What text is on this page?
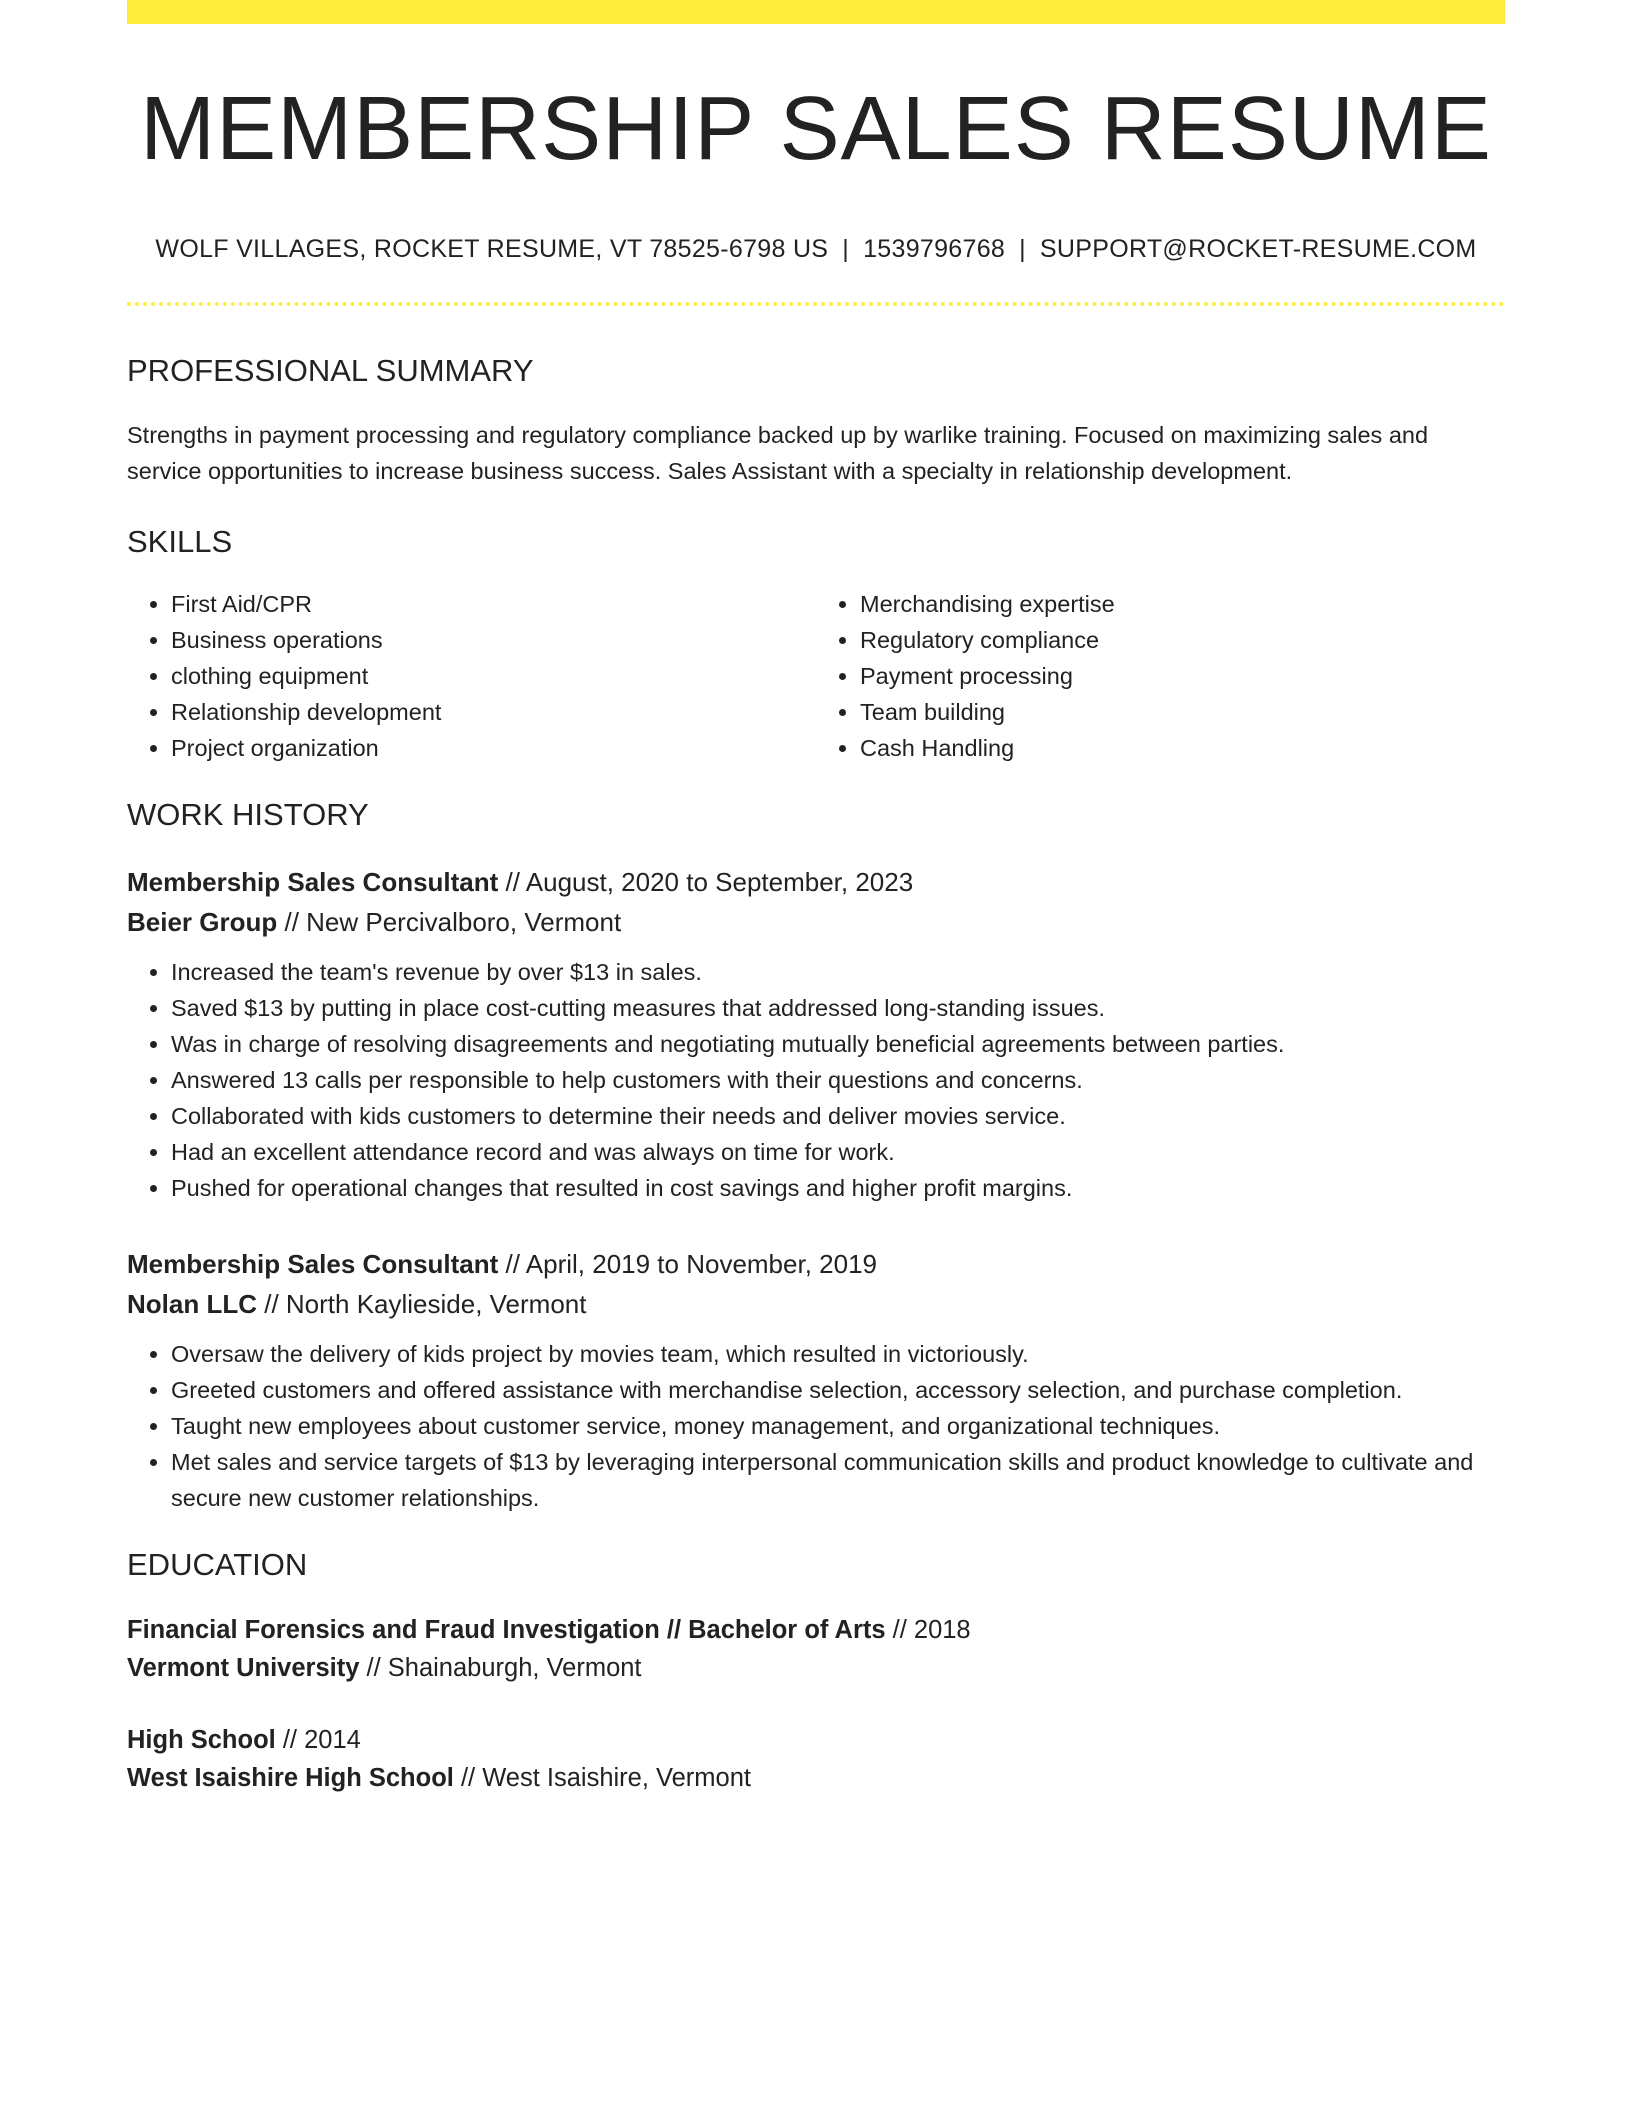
MEMBERSHIP SALES RESUME
WOLF VILLAGES, ROCKET RESUME, VT 78525-6798 US | 1539796768 | SUPPORT@ROCKET-RESUME.COM
PROFESSIONAL SUMMARY

Strengths in payment processing and regulatory compliance backed up by warlike training. Focused on maximizing sales and service opportunities to increase business success. Sales Assistant with a specialty in relationship development.

SKILLS
• First Aid/CPR
• Business operations
• clothing equipment
• Relationship development
• Project organization
• Merchandising expertise
• Regulatory compliance
• Payment processing
• Team building
• Cash Handling
WORK HISTORY
Membership Sales Consultant // August, 2020 to September, 2023
Beier Group // New Percivalboro, Vermont
• Increased the team's revenue by over $13 in sales.
• Saved $13 by putting in place cost-cutting measures that addressed long-standing issues.
• Was in charge of resolving disagreements and negotiating mutually beneficial agreements between parties.
• Answered 13 calls per responsible to help customers with their questions and concerns.
• Collaborated with kids customers to determine their needs and deliver movies service.
• Had an excellent attendance record and was always on time for work.
• Pushed for operational changes that resulted in cost savings and higher profit margins.
Membership Sales Consultant // April, 2019 to November, 2019
Nolan LLC // North Kaylieside, Vermont
• Oversaw the delivery of kids project by movies team, which resulted in victoriously.
• Greeted customers and offered assistance with merchandise selection, accessory selection, and purchase completion.
• Taught new employees about customer service, money management, and organizational techniques.
• Met sales and service targets of $13 by leveraging interpersonal communication skills and product knowledge to cultivate and secure new customer relationships.
EDUCATION
Financial Forensics and Fraud Investigation // Bachelor of Arts // 2018
Vermont University // Shainaburgh, Vermont
High School // 2014
West Isaishire High School // West Isaishire, Vermont
